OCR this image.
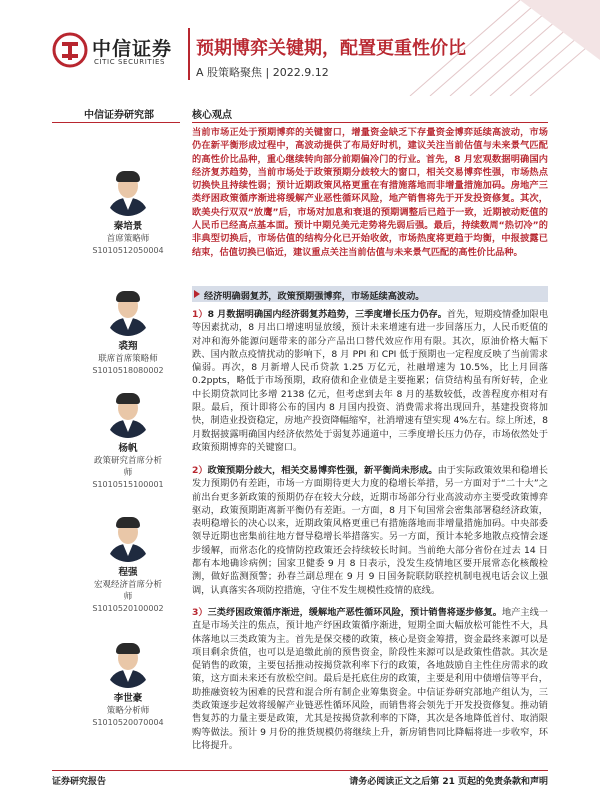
中信证券
CITIC SECURITIES
预期博弈关键期，配置更重性价比
A 股策略聚焦 | 2022.9.12
中信证券研究部	核心观点
秦培景
首席策略师
S1010512050004
裘翔
联席首席策略师
S1010518080002
杨帆
政策研究首席分析师
S1010515100001
程强
宏观经济首席分析师
S1010520100002
李世豪
策略分析师
S1010520070004
当前市场正处于预期博弈的关键窗口，增量资金缺乏下存量资金博弈延续高波动，市场仍在新平衡形成过程中，高波动提供了布局好时机，建议关注当前估值与未来景气匹配的高性价比品种，重心继续转向部分前期偏冷门的行业。首先，8 月宏观数据明确国内经济复苏趋势，当前市场处于政策预期分歧较大的窗口，相关交易博弈性强，市场热点切换快且持续性弱；预计近期政策风格更重在有措施落地而非增量措施加码。房地产三类纾困政策循序渐进将缓解产业恶性循环风险，地产销售将先于开发投资修复。其次，欧美央行双双“放鹰”后，市场对加息和衰退的预期调整后已趋于一致，近期被动贬值的人民币已经高点基本面。预计中期兑美元走势将先弱后强。最后，持续数周“热切冷”的非典型切换后，市场估值的结构分化已开始收敛，市场热度将更趋于均衡，中报披露已结束，估值切换已临近，建议重点关注当前估值与未来景气匹配的高性价比品种。
经济明确弱复苏，政策预期强博弈，市场延续高波动。
1）8 月数据明确国内经济弱复苏趋势，三季度增长压力仍存。首先，短期疫情叠加限电等因素扰动，8 月出口增速明显放缓，预计未来增速有进一步回落压力，人民币贬值的对冲和海外能源问题带来的部分产品出口替代效应作用有限。其次，原油价格大幅下跌、国内散点疫情扰动的影响下，8 月 PPI 和 CPI 低于预期也一定程度反映了当前需求偏弱。再次，8 月新增人民币贷款 1.25 万亿元，社融增速为 10.5%，比上月回落 0.2ppts，略低于市场预期，政府债和企业债是主要拖累；信贷结构虽有所好转，企业中长期贷款同比多增 2138 亿元，但考虑到去年 8 月的基数较低，改善程度亦相对有限。最后，预计即将公布的国内 8 月国内投资、消费需求将出现回升，基建投资将加快，制造业投资稳定，房地产投资降幅缩窄，社消增速有望实现 4%左右。综上所述，8 月数据披露明确国内经济依然处于弱复苏通道中，三季度增长压力仍存，市场依然处于政策预期博弈的关键窗口。
2）政策预期分歧大，相关交易博弈性强，新平衡尚未形成。由于实际政策效果和稳增长发力预期仍有差距，市场一方面期待更大力度的稳增长举措，另一方面对于“二十大”之前出台更多新政策的预期仍存在较大分歧，近期市场部分行业高波动亦主要受政策博弈驱动，政策预期距离新平衡仍有差距。一方面，8 月下旬国常会密集部署稳经济政策，表明稳增长的决心以来，近期政策风格更重已有措施落地而非增量措施加码。中央部委领导近期也密集前往地方督导稳增长举措落实。另一方面，预计本轮多地散点疫情会逐步缓解，而常态化的疫情防控政策还会持续较长时间。当前绝大部分省份在过去 14 日都有本地确诊病例；国家卫健委 9 月 8 日表示，没发生疫情地区要开展常态化核酸检测，做好监测预警；孙春兰副总理在 9 月 9 日国务院联防联控机制电视电话会议上强调，认真落实各项防控措施，守住不发生规模性疫情的底线。
3）三类纾困政策循序渐进，缓解地产恶性循环风险，预计销售将逐步修复。地产主线一直是市场关注的焦点，预计地产纾困政策循序渐进，短期全面大幅放松可能性不大，具体落地以三类政策为主。首先是保交楼的政策，核心是资金筹措，资金最终来源可以是项目剩余货值，也可以是追缴此前的预售资金，阶段性来源可以是政策性借款。其次是促销售的政策，主要包括推动按揭贷款利率下行的政策，各地鼓励自主性住房需求的政策，这方面未来还有放松空间。最后是托底住房的政策，主要是利用中债增信等平台，助推融资较为困难的民营和混合所有制企业筹集资金。中信证券研究部地产组认为，三类政策逐步起效将缓解产业链恶性循环风险，而销售将会领先于开发投资修复。推动销售复苏的力量主要是政策，尤其是按揭贷款利率的下降，其次是各地降低首付、取消限购等做法。预计 9 月份的推货规模仍将继续上升，新房销售同比降幅将进一步收窄，环比将提升。
证券研究报告	请务必阅读正文之后第 21 页起的免责条款和声明
